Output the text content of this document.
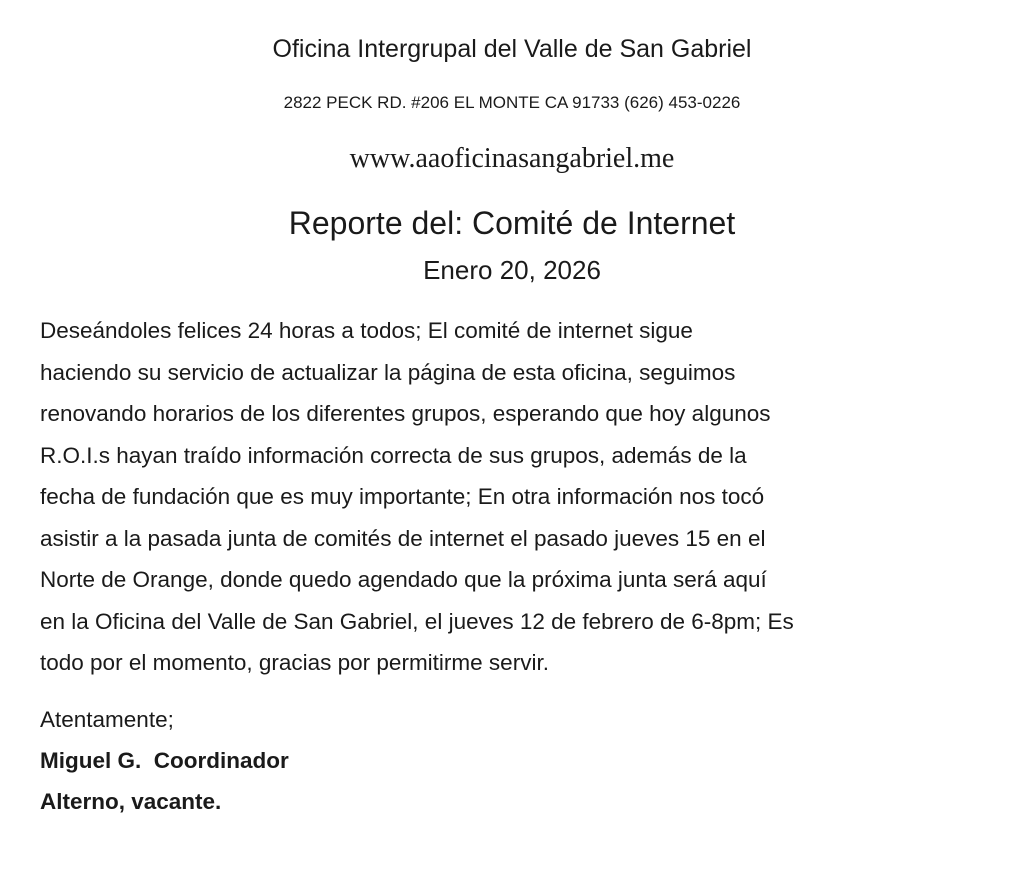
Oficina Intergrupal del Valle de San Gabriel
2822 PECK RD. #206 EL MONTE CA 91733 (626) 453-0226
www.aaoficinasangabriel.me
Reporte del: Comité de Internet
Enero 20, 2026
Deseándoles felices 24 horas a todos; El comité de internet sigue
haciendo su servicio de actualizar la página de esta oficina, seguimos
renovando horarios de los diferentes grupos, esperando que hoy algunos
R.O.I.s hayan traído información correcta de sus grupos, además de la
fecha de fundación que es muy importante; En otra información nos tocó
asistir a la pasada junta de comités de internet el pasado jueves 15 en el
Norte de Orange, donde quedo agendado que la próxima junta será aquí
en la Oficina del Valle de San Gabriel, el jueves 12 de febrero de 6-8pm; Es
todo por el momento, gracias por permitirme servir.
Atentamente;
Miguel G.  Coordinador
Alterno, vacante.
